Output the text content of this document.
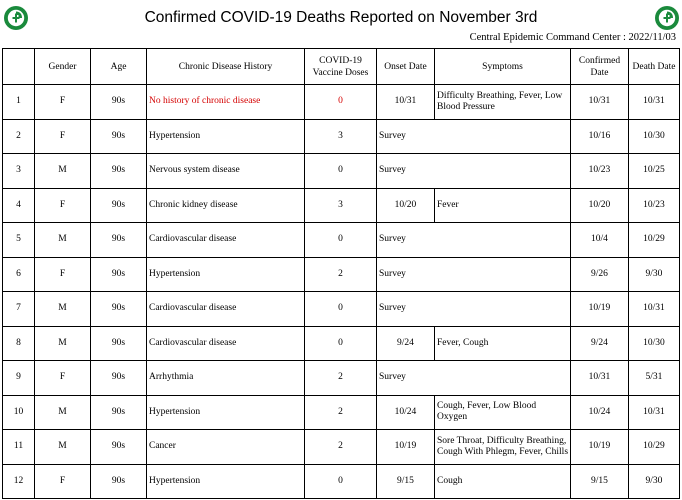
Confirmed COVID-19 Deaths Reported on November 3rd
Central Epidemic Command Center : 2022/11/03
	Gender	Age	Chronic Disease History	COVID-19 Vaccine Doses	Onset Date	Symptoms	Confirmed Date	Death Date
1	F	90s	No history of chronic disease	0	10/31	Difficulty Breathing, Fever, Low Blood Pressure	10/31	10/31
2	F	90s	Hypertension	3	Survey		10/16	10/30
3	M	90s	Nervous system disease	0	Survey		10/23	10/25
4	F	90s	Chronic kidney disease	3	10/20	Fever	10/20	10/23
5	M	90s	Cardiovascular disease	0	Survey		10/4	10/29
6	F	90s	Hypertension	2	Survey		9/26	9/30
7	M	90s	Cardiovascular disease	0	Survey		10/19	10/31
8	M	90s	Cardiovascular disease	0	9/24	Fever, Cough	9/24	10/30
9	F	90s	Arrhythmia	2	Survey		10/31	5/31
10	M	90s	Hypertension	2	10/24	Cough, Fever, Low Blood Oxygen	10/24	10/31
11	M	90s	Cancer	2	10/19	Sore Throat, Difficulty Breathing, Cough With Phlegm, Fever, Chills	10/19	10/29
12	F	90s	Hypertension	0	9/15	Cough	9/15	9/30
